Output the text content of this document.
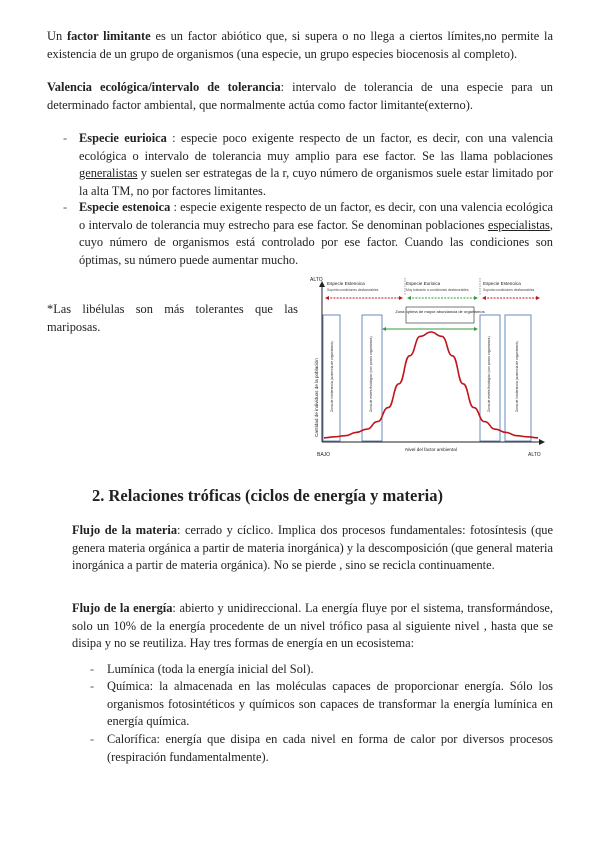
Un factor limitante es un factor abiótico que, si supera o no llega a ciertos límites,no permite la existencia de un grupo de organismos (una especie, un grupo especies biocenosis al completo).

Valencia ecológica/intervalo de tolerancia: intervalo de tolerancia de una especie para un determinado factor ambiental, que normalmente actúa como factor limitante(externo).

- Especie eurioica : especie poco exigente respecto de un factor, es decir, con una valencia ecológica o intervalo de tolerancia muy amplio para ese factor. Se las llama poblaciones generalistas y suelen ser estrategas de la r, cuyo número de organismos suele estar limitado por la alta TM, no por factores limitantes.

- Especie estenoica : especie exigente respecto de un factor, es decir, con una valencia ecológica o intervalo de tolerancia muy estrecho para ese factor. Se denominan poblaciones especialistas, cuyo número de organismos está controlado por ese factor. Cuando las condiciones son óptimas, su número puede aumentar mucho.

*Las libélulas son más tolerantes que las mariposas.

ALTO
BAJO	ALTO
Nivel del factor ambiental
Cantidad de individuos de la población
Especie Estenoica
Soporta condiciones desfavorables
Especie Eurioica
Muy tolerante a condiciones desfavorables
Especie Estenoica
Soporta condiciones desfavorables
Zona de intolerancia (ausencia de organismos)	Zona de estrés fisiológico (con pocos organismos)	Zona de estrés fisiológico (con pocos organismos)	Zona de intolerancia (ausencia de organismos)
Zona optima de mayor abundancia de organismos
2. Relaciones tróficas (ciclos de energía y materia)

Flujo de la materia: cerrado y cíclico. Implica dos procesos fundamentales: fotosíntesis (que genera materia orgánica a partir de materia inorgánica) y la descomposición (que general materia inorgánica a partir de materia orgánica). No se pierde , sino se recicla continuamente.

Flujo de la energía: abierto y unidireccional. La energía fluye por el sistema, transformándose, solo un 10% de la energía procedente de un nivel trófico pasa al siguiente nivel , hasta que se disipa y no se reutiliza. Hay tres formas de energía en un ecosistema:

- Lumínica (toda la energía inicial del Sol).

- Química: la almacenada en las moléculas capaces de proporcionar energía. Sólo los organismos fotosintéticos y químicos son capaces de transformar la energía lumínica en energía química.

- Calorífica: energía que disipa en cada nivel en forma de calor por diversos procesos (respiración fundamentalmente).
